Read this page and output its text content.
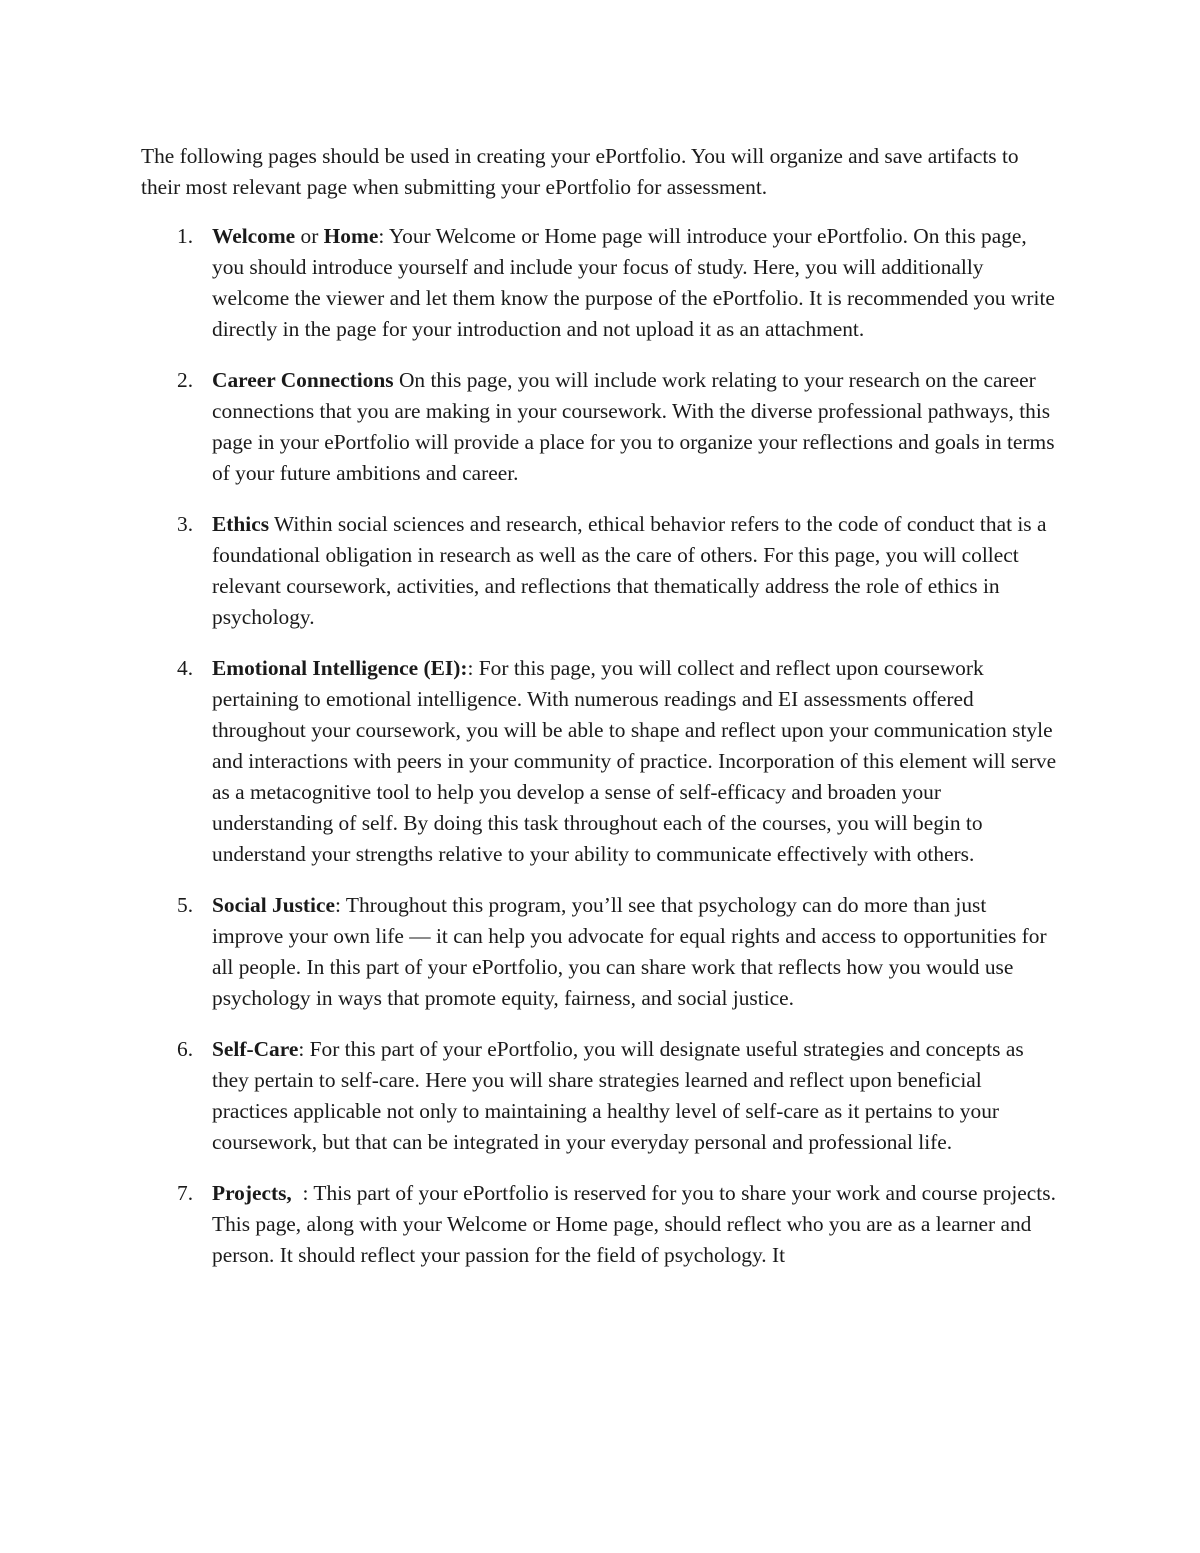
The following pages should be used in creating your ePortfolio. You will organize and save artifacts to their most relevant page when submitting your ePortfolio for assessment.

1. Welcome or Home: Your Welcome or Home page will introduce your ePortfolio. On this page, you should introduce yourself and include your focus of study. Here, you will additionally welcome the viewer and let them know the purpose of the ePortfolio. It is recommended you write directly in the page for your introduction and not upload it as an attachment.
2. Career Connections On this page, you will include work relating to your research on the career connections that you are making in your coursework. With the diverse professional pathways, this page in your ePortfolio will provide a place for you to organize your reflections and goals in terms of your future ambitions and career.
3. Ethics Within social sciences and research, ethical behavior refers to the code of conduct that is a foundational obligation in research as well as the care of others. For this page, you will collect relevant coursework, activities, and reflections that thematically address the role of ethics in psychology.
4. Emotional Intelligence (EI):: For this page, you will collect and reflect upon coursework pertaining to emotional intelligence. With numerous readings and EI assessments offered throughout your coursework, you will be able to shape and reflect upon your communication style and interactions with peers in your community of practice. Incorporation of this element will serve as a metacognitive tool to help you develop a sense of self-efficacy and broaden your understanding of self. By doing this task throughout each of the courses, you will begin to understand your strengths relative to your ability to communicate effectively with others.
5. Social Justice: Throughout this program, you’ll see that psychology can do more than just improve your own life — it can help you advocate for equal rights and access to opportunities for all people. In this part of your ePortfolio, you can share work that reflects how you would use psychology in ways that promote equity, fairness, and social justice.
6. Self-Care: For this part of your ePortfolio, you will designate useful strategies and concepts as they pertain to self-care. Here you will share strategies learned and reflect upon beneficial practices applicable not only to maintaining a healthy level of self-care as it pertains to your coursework, but that can be integrated in your everyday personal and professional life.
7. Projects,  : This part of your ePortfolio is reserved for you to share your work and course projects. This page, along with your Welcome or Home page, should reflect who you are as a learner and person. It should reflect your passion for the field of psychology. It
